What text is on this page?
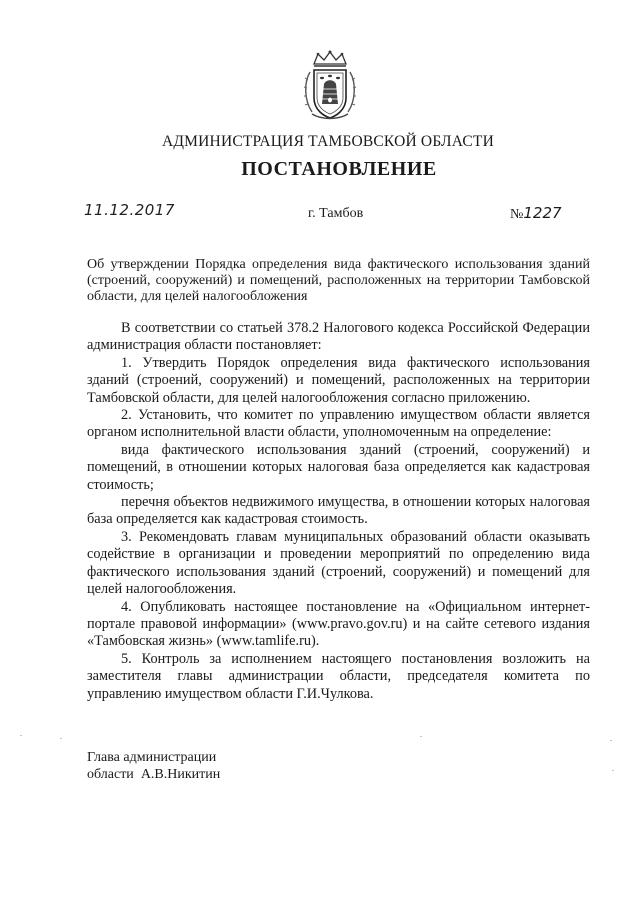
АДМИНИСТРАЦИЯ ТАМБОВСКОЙ ОБЛАСТИ
ПОСТАНОВЛЕНИЕ
11.12.2017	г. Тамбов	№1227
Об утверждении Порядка определения вида фактического использования зданий (строений, сооружений) и помещений, расположенных на территории Тамбовской области, для целей налогообложения

В соответствии со статьей 378.2 Налогового кодекса Российской Федерации администрация области постановляет:

1. Утвердить Порядок определения вида фактического использования зданий (строений, сооружений) и помещений, расположенных на территории Тамбовской области, для целей налогообложения согласно приложению.

2. Установить, что комитет по управлению имуществом области является органом исполнительной власти области, уполномоченным на определение:

вида фактического использования зданий (строений, сооружений) и помещений, в отношении которых налоговая база определяется как кадастровая стоимость;

перечня объектов недвижимого имущества, в отношении которых налоговая база определяется как кадастровая стоимость.

3. Рекомендовать главам муниципальных образований области оказывать содействие в организации и проведении мероприятий по определению вида фактического использования зданий (строений, сооружений) и помещений для целей налогообложения.

4. Опубликовать настоящее постановление на «Официальном интернет-портале правовой информации» (www.pravo.gov.ru) и на сайте сетевого издания «Тамбовская жизнь» (www.tamlife.ru).

5. Контроль за исполнением настоящего постановления возложить на заместителя главы администрации области, председателя комитета по управлению имуществом области Г.И.Чулкова.

Глава администрации
области А.В.Никитин
